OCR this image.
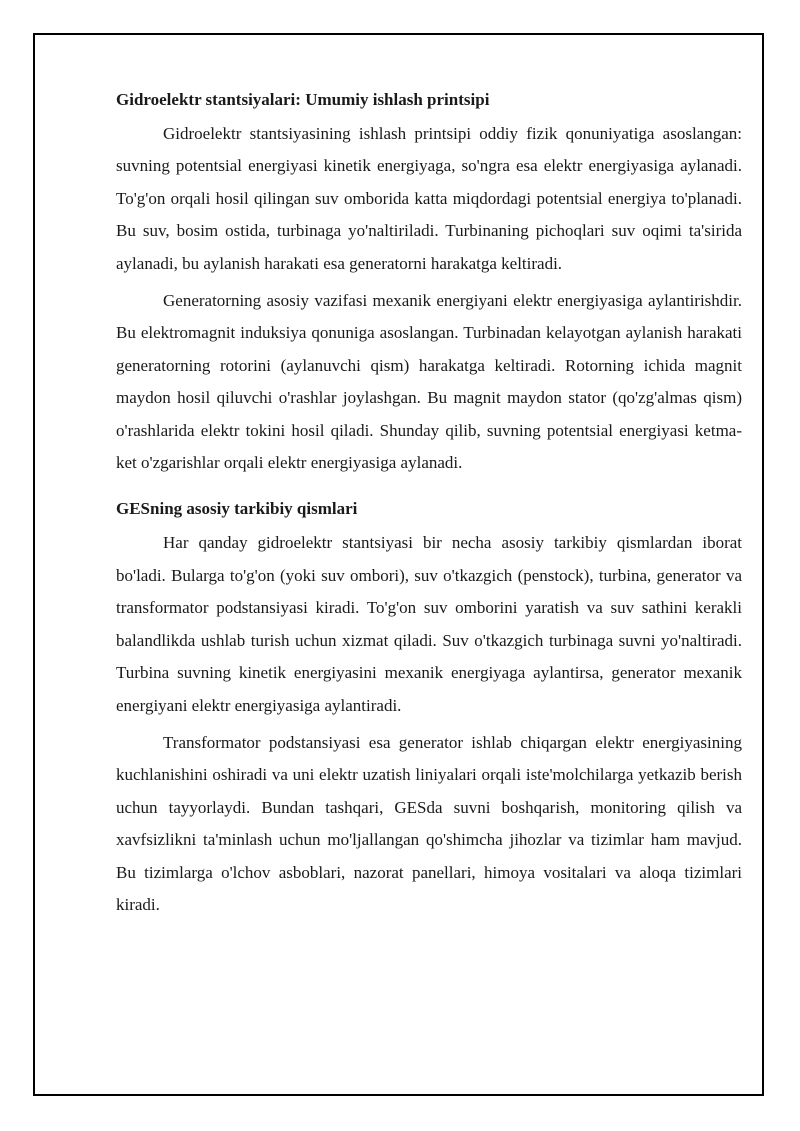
Gidroelektr stantsiyalari: Umumiy ishlash printsipi

Gidroelektr stantsiyasining ishlash printsipi oddiy fizik qonuniyatiga asoslangan: suvning potentsial energiyasi kinetik energiyaga, so'ngra esa elektr energiyasiga aylanadi. To'g'on orqali hosil qilingan suv omborida katta miqdordagi potentsial energiya to'planadi. Bu suv, bosim ostida, turbinaga yo'naltiriladi. Turbinaning pichoqlari suv oqimi ta'sirida aylanadi, bu aylanish harakati esa generatorni harakatga keltiradi.

Generatorning asosiy vazifasi mexanik energiyani elektr energiyasiga aylantirishdir. Bu elektromagnit induksiya qonuniga asoslangan. Turbinadan kelayotgan aylanish harakati generatorning rotorini (aylanuvchi qism) harakatga keltiradi. Rotorning ichida magnit maydon hosil qiluvchi o'rashlar joylashgan. Bu magnit maydon stator (qo'zg'almas qism) o'rashlarida elektr tokini hosil qiladi. Shunday qilib, suvning potentsial energiyasi ketma-ket o'zgarishlar orqali elektr energiyasiga aylanadi.

GESning asosiy tarkibiy qismlari

Har qanday gidroelektr stantsiyasi bir necha asosiy tarkibiy qismlardan iborat bo'ladi. Bularga to'g'on (yoki suv ombori), suv o'tkazgich (penstock), turbina, generator va transformator podstansiyasi kiradi. To'g'on suv omborini yaratish va suv sathini kerakli balandlikda ushlab turish uchun xizmat qiladi. Suv o'tkazgich turbinaga suvni yo'naltiradi. Turbina suvning kinetik energiyasini mexanik energiyaga aylantirsa, generator mexanik energiyani elektr energiyasiga aylantiradi.

Transformator podstansiyasi esa generator ishlab chiqargan elektr energiyasining kuchlanishini oshiradi va uni elektr uzatish liniyalari orqali iste'molchilarga yetkazib berish uchun tayyorlaydi. Bundan tashqari, GESda suvni boshqarish, monitoring qilish va xavfsizlikni ta'minlash uchun mo'ljallangan qo'shimcha jihozlar va tizimlar ham mavjud. Bu tizimlarga o'lchov asboblari, nazorat panellari, himoya vositalari va aloqa tizimlari kiradi.
